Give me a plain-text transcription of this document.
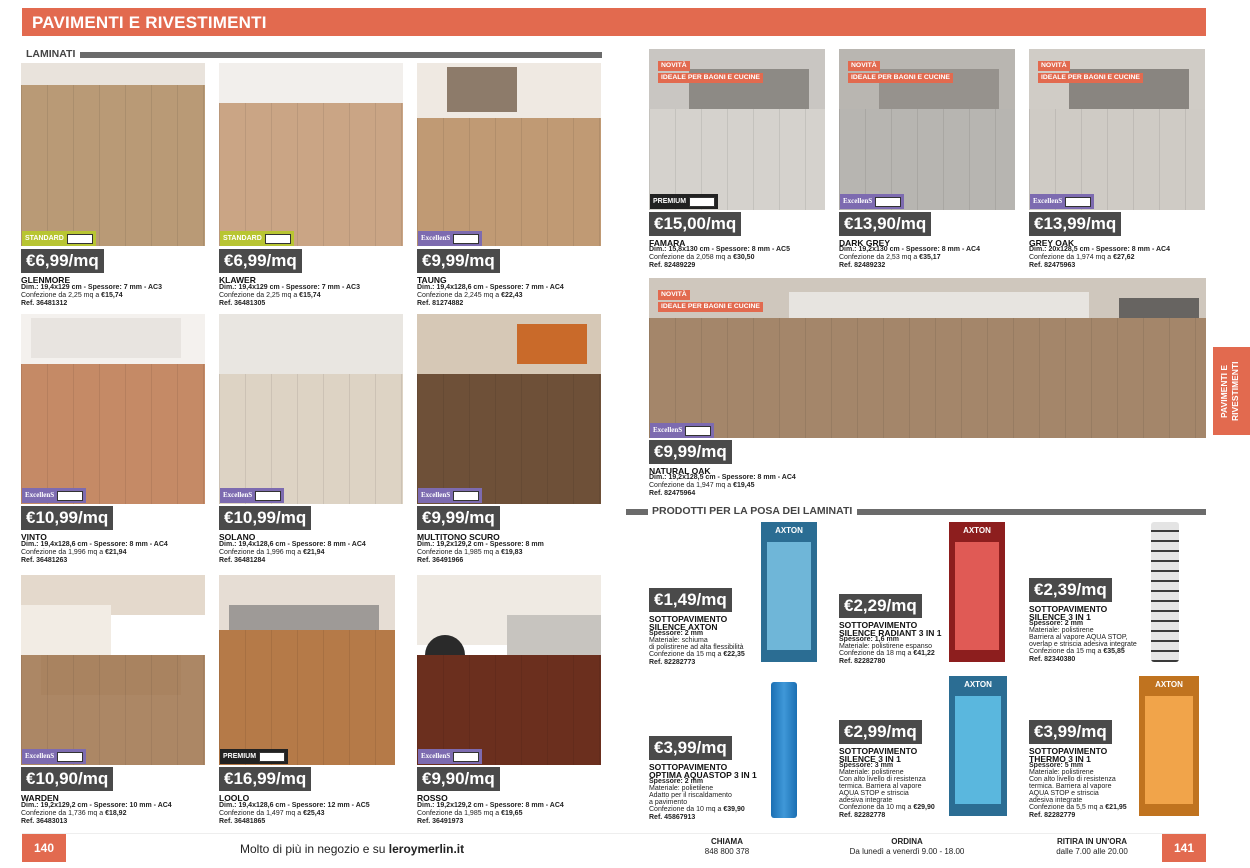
PAVIMENTI E RIVESTIMENTI
LAMINATI
STANDARD
€6,99/mq
GLENMORE
Dim.: 19,4x129 cm - Spessore: 7 mm - AC3
Confezione da 2,25 mq a €15,74
Ref. 36481312
STANDARD
€6,99/mq
KLAWER
Dim.: 19,4x129 cm - Spessore: 7 mm - AC3
Confezione da 2,25 mq a €15,74
Ref. 36481305
ExcellenS
€9,99/mq
TAUNG
Dim.: 19,4x128,6 cm - Spessore: 7 mm - AC4
Confezione da 2,245 mq a €22,43
Ref. 81274882
ExcellenS
€10,99/mq
VINTO
Dim.: 19,4x128,6 cm - Spessore: 8 mm - AC4
Confezione da 1,996 mq a €21,94
Ref. 36481263
ExcellenS
€10,99/mq
SOLANO
Dim.: 19,4x128,6 cm - Spessore: 8 mm - AC4
Confezione da 1,996 mq a €21,94
Ref. 36481284
ExcellenS
€9,99/mq
MULTITONO SCURO
Dim.: 19,2x129,2 cm - Spessore: 8 mm
Confezione da 1,985 mq a €19,83
Ref. 36491966
ExcellenS
€10,90/mq
WARDEN
Dim.: 19,2x129,2 cm - Spessore: 10 mm - AC4
Confezione da 1,736 mq a €18,92
Ref. 36483013
PREMIUM
€16,99/mq
LOOLO
Dim.: 19,4x128,6 cm - Spessore: 12 mm - AC5
Confezione da 1,497 mq a €25,43
Ref. 36481865
ExcellenS
€9,90/mq
ROSSO
Dim.: 19,2x129,2 cm - Spessore: 8 mm - AC4
Confezione da 1,985 mq a €19,65
Ref. 36491973
NOVITÀ
IDEALE PER BAGNI E CUCINE
PREMIUM
€15,00/mq
FAMARA
Dim.: 15,8x130 cm - Spessore: 8 mm - AC5
Confezione da 2,058 mq a €30,50
Ref. 82489229
NOVITÀ
IDEALE PER BAGNI E CUCINE
ExcellenS
€13,90/mq
DARK GREY
Dim.: 19,2x130 cm - Spessore: 8 mm - AC4
Confezione da 2,53 mq a €35,17
Ref. 82489232
NOVITÀ
IDEALE PER BAGNI E CUCINE
ExcellenS
€13,99/mq
GREY OAK
Dim.: 20x128,5 cm - Spessore: 8 mm - AC4
Confezione da 1,974 mq a €27,62
Ref. 82475963
NOVITÀ
IDEALE PER BAGNI E CUCINE
ExcellenS
€9,99/mq
NATURAL OAK
Dim.: 19,2x128,5 cm - Spessore: 8 mm - AC4
Confezione da 1,947 mq a €19,45
Ref. 82475964
PRODOTTI PER LA POSA DEI LAMINATI
AXTON
€1,49/mq
SOTTOPAVIMENTO
SILENCE AXTON
Spessore: 2 mm
Materiale: schiuma
di polistirene ad alta flessibilità
Confezione da 15 mq a €22,35
Ref. 82282773
AXTON
€2,29/mq
SOTTOPAVIMENTO
SILENCE RADIANT 3 IN 1
Spessore: 1,6 mm
Materiale: polistirene espanso
Confezione da 18 mq a €41,22
Ref. 82282780
€2,39/mq
SOTTOPAVIMENTO
SILENCE 3 IN 1
Spessore: 2 mm
Materiale: polistirene
Barriera al vapore AQUA STOP,
overlap e striscia adesiva integrate
Confezione da 15 mq a €35,85
Ref. 82340380
€3,99/mq
SOTTOPAVIMENTO
OPTIMA AQUASTOP 3 IN 1
Spessore: 2 mm
Materiale: polietilene
Adatto per il riscaldamento
a pavimento
Confezione da 10 mq a €39,90
Ref. 45867913
AXTON
€2,99/mq
SOTTOPAVIMENTO
SILENCE 3 IN 1
Spessore: 3 mm
Materiale: polistirene
Con alto livello di resistenza
termica. Barriera al vapore
AQUA STOP e striscia
adesiva integrate
Confezione da 10 mq a €29,90
Ref. 82282778
AXTON
€3,99/mq
SOTTOPAVIMENTO
THERMO 3 IN 1
Spessore: 5 mm
Materiale: polistirene
Con alto livello di resistenza
termica. Barriera al vapore
AQUA STOP e striscia
adesiva integrate
Confezione da 5,5 mq a €21,95
Ref. 82282779
PAVIMENTI E RIVESTIMENTI
140	Molto di più in negozio e su leroymerlin.it
CHIAMA
848 800 378
ORDINA
Da lunedì a venerdì 9.00 - 18.00
RITIRA IN UN'ORA
dalle 7.00 alle 20.00	141
